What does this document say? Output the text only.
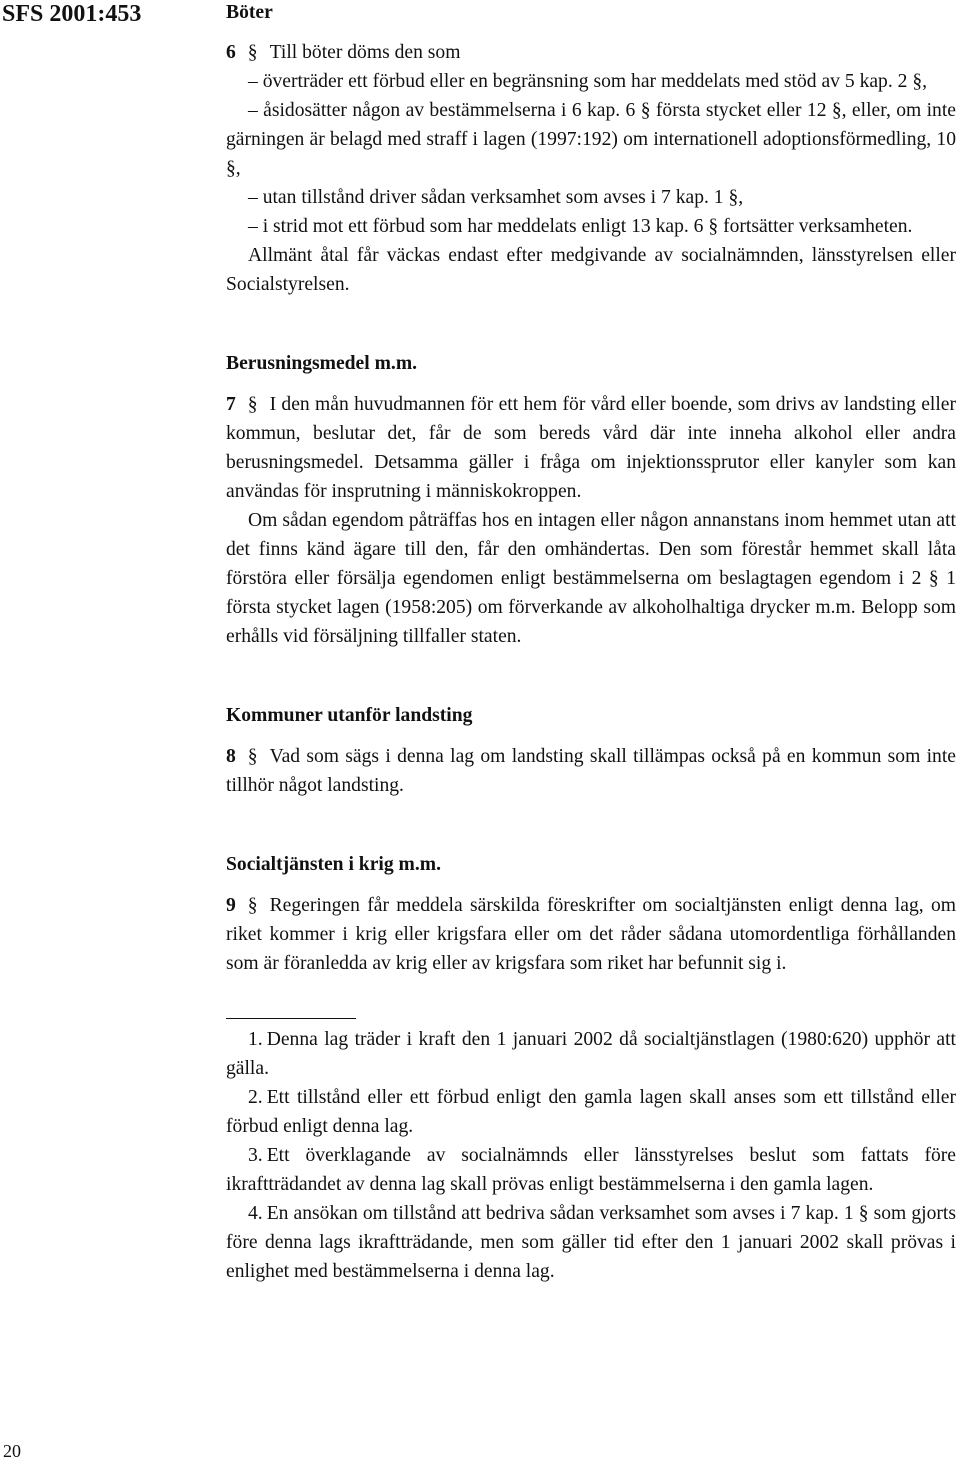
SFS 2001:453	Böter

6 § Till böter döms den som

– överträder ett förbud eller en begränsning som har meddelats med stöd av 5 kap. 2 §,

– åsidosätter någon av bestämmelserna i 6 kap. 6 § första stycket eller 12 §, eller, om inte gärningen är belagd med straff i lagen (1997:192) om internationell adoptionsförmedling, 10 §,

– utan tillstånd driver sådan verksamhet som avses i 7 kap. 1 §,

– i strid mot ett förbud som har meddelats enligt 13 kap. 6 § fortsätter verksamheten.

Allmänt åtal får väckas endast efter medgivande av socialnämnden, länsstyrelsen eller Socialstyrelsen.

Berusningsmedel m.m.

7 § I den mån huvudmannen för ett hem för vård eller boende, som drivs av landsting eller kommun, beslutar det, får de som bereds vård där inte inneha alkohol eller andra berusningsmedel. Detsamma gäller i fråga om injektionssprutor eller kanyler som kan användas för insprutning i människokroppen.

Om sådan egendom påträffas hos en intagen eller någon annanstans inom hemmet utan att det finns känd ägare till den, får den omhändertas. Den som förestår hemmet skall låta förstöra eller försälja egendomen enligt bestämmelserna om beslagtagen egendom i 2 § 1 första stycket lagen (1958:205) om förverkande av alkoholhaltiga drycker m.m. Belopp som erhålls vid försäljning tillfaller staten.

Kommuner utanför landsting

8 § Vad som sägs i denna lag om landsting skall tillämpas också på en kommun som inte tillhör något landsting.

Socialtjänsten i krig m.m.

9 § Regeringen får meddela särskilda föreskrifter om socialtjänsten enligt denna lag, om riket kommer i krig eller krigsfara eller om det råder sådana utomordentliga förhållanden som är föranledda av krig eller av krigsfara som riket har befunnit sig i.

1. Denna lag träder i kraft den 1 januari 2002 då socialtjänstlagen (1980:620) upphör att gälla.

2. Ett tillstånd eller ett förbud enligt den gamla lagen skall anses som ett tillstånd eller förbud enligt denna lag.

3. Ett överklagande av socialnämnds eller länsstyrelses beslut som fattats före ikraftträdandet av denna lag skall prövas enligt bestämmelserna i den gamla lagen.

4. En ansökan om tillstånd att bedriva sådan verksamhet som avses i 7 kap. 1 § som gjorts före denna lags ikraftträdande, men som gäller tid efter den 1 januari 2002 skall prövas i enlighet med bestämmelserna i denna lag.

20
